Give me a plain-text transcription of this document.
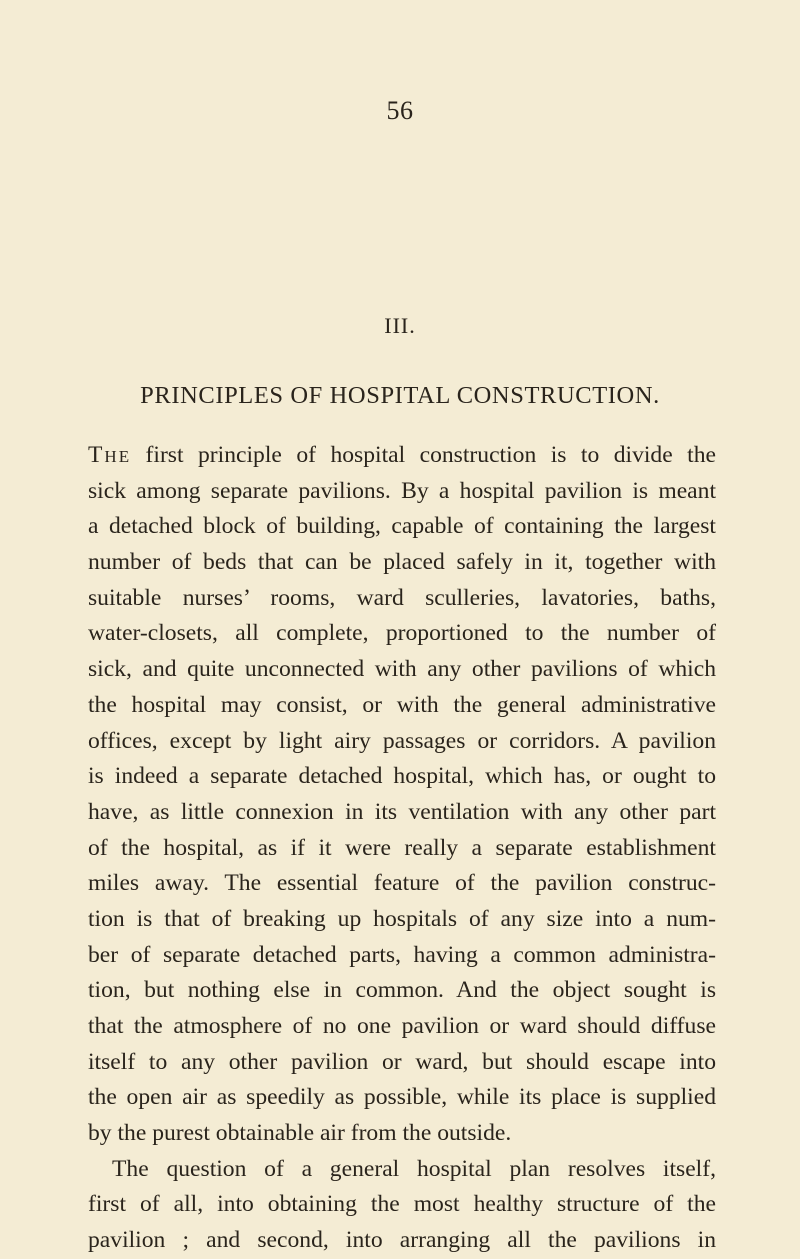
56
III.
PRINCIPLES OF HOSPITAL CONSTRUCTION.
The first principle of hospital construction is to divide the
sick among separate pavilions. By a hospital pavilion is meant
a detached block of building, capable of containing the largest
number of beds that can be placed safely in it, together with
suitable nurses’ rooms, ward sculleries, lavatories, baths,
water-closets, all complete, proportioned to the number of
sick, and quite unconnected with any other pavilions of which
the hospital may consist, or with the general administrative
offices, except by light airy passages or corridors. A pavilion
is indeed a separate detached hospital, which has, or ought to
have, as little connexion in its ventilation with any other part
of the hospital, as if it were really a separate establishment
miles away. The essential feature of the pavilion construc-
tion is that of breaking up hospitals of any size into a num-
ber of separate detached parts, having a common administra-
tion, but nothing else in common. And the object sought is
that the atmosphere of no one pavilion or ward should diffuse
itself to any other pavilion or ward, but should escape into
the open air as speedily as possible, while its place is supplied
by the purest obtainable air from the outside.
The question of a general hospital plan resolves itself,
first of all, into obtaining the most healthy structure of the
pavilion ; and second, into arranging all the pavilions in
